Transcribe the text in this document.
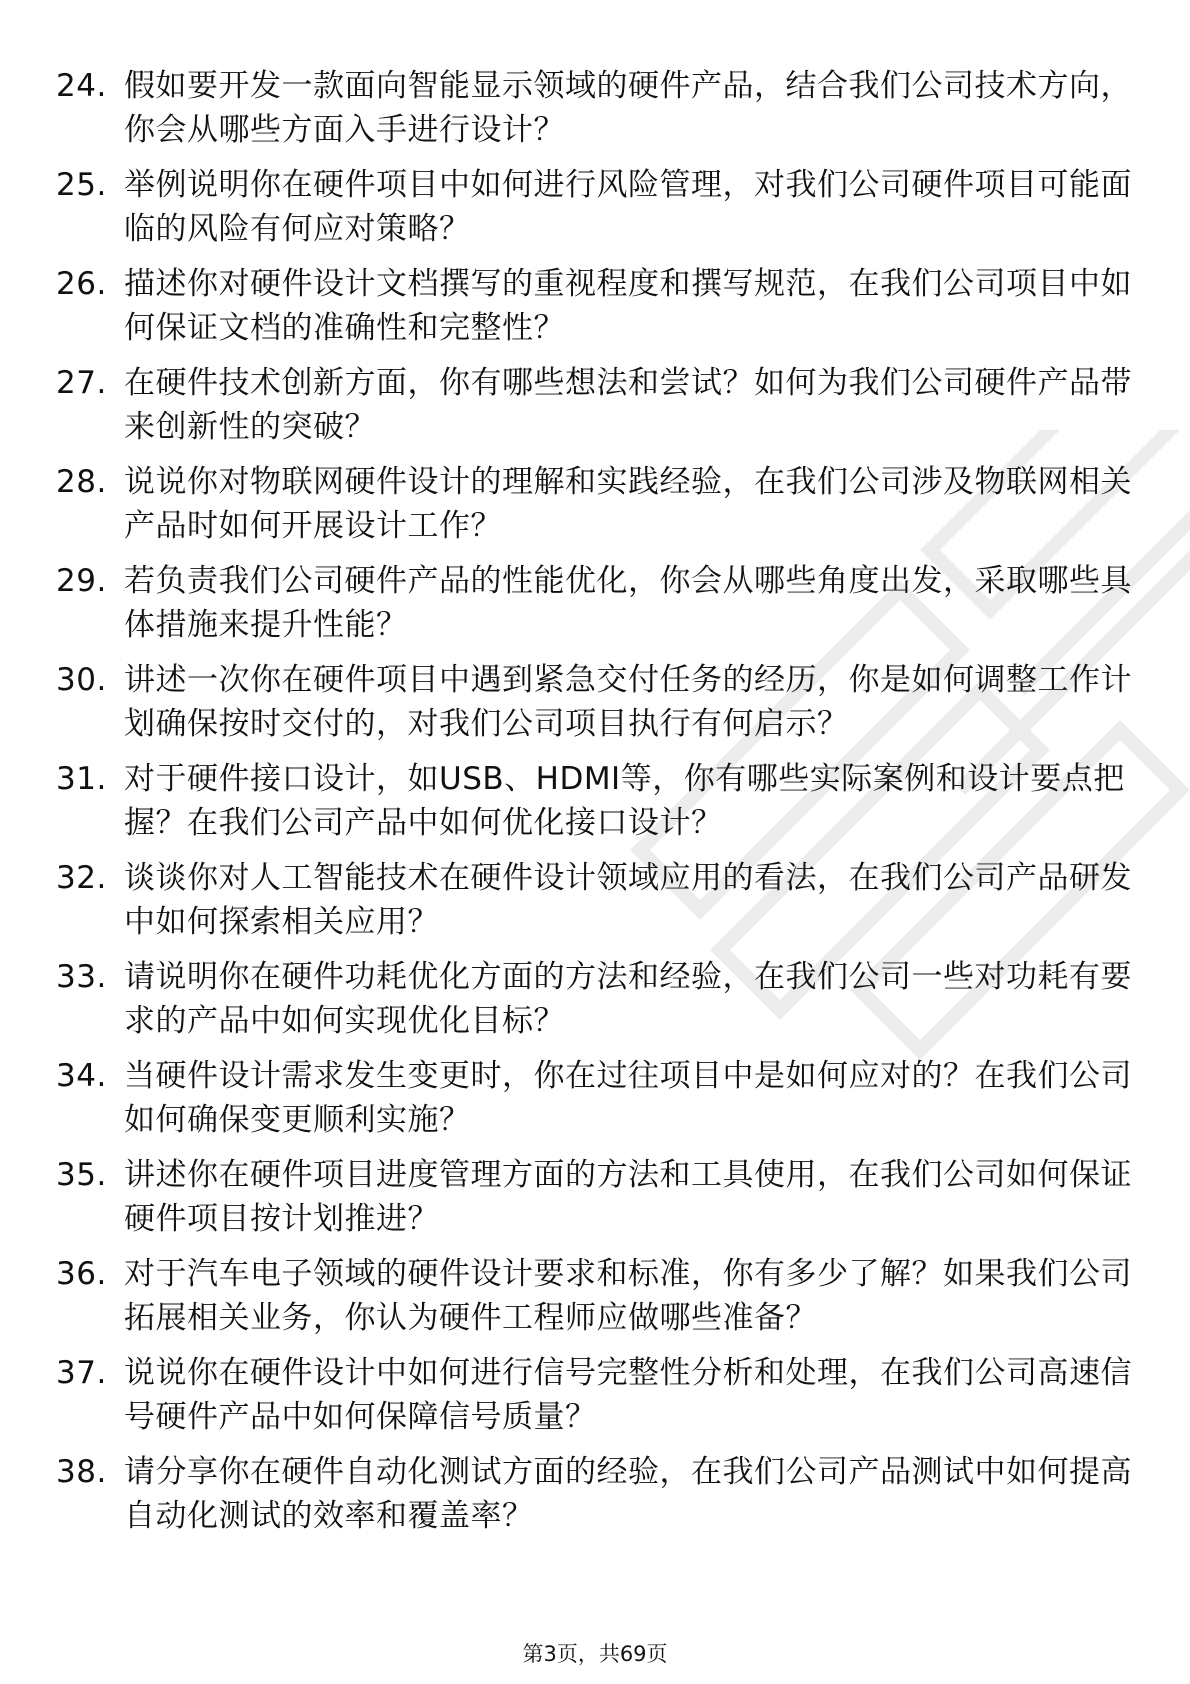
24. 假如要开发一款面向智能显示领域的硬件产品，结合我们公司技术方向，你会从哪些方面入手进行设计？
25. 举例说明你在硬件项目中如何进行风险管理，对我们公司硬件项目可能面临的风险有何应对策略？
26. 描述你对硬件设计文档撰写的重视程度和撰写规范，在我们公司项目中如何保证文档的准确性和完整性？
27. 在硬件技术创新方面，你有哪些想法和尝试？如何为我们公司硬件产品带来创新性的突破？
28. 说说你对物联网硬件设计的理解和实践经验，在我们公司涉及物联网相关产品时如何开展设计工作？
29. 若负责我们公司硬件产品的性能优化，你会从哪些角度出发，采取哪些具体措施来提升性能？
30. 讲述一次你在硬件项目中遇到紧急交付任务的经历，你是如何调整工作计划确保按时交付的，对我们公司项目执行有何启示？
31. 对于硬件接口设计，如USB、HDMI等，你有哪些实际案例和设计要点把握？在我们公司产品中如何优化接口设计？
32. 谈谈你对人工智能技术在硬件设计领域应用的看法，在我们公司产品研发中如何探索相关应用？
33. 请说明你在硬件功耗优化方面的方法和经验，在我们公司一些对功耗有要求的产品中如何实现优化目标？
34. 当硬件设计需求发生变更时，你在过往项目中是如何应对的？在我们公司如何确保变更顺利实施？
35. 讲述你在硬件项目进度管理方面的方法和工具使用，在我们公司如何保证硬件项目按计划推进？
36. 对于汽车电子领域的硬件设计要求和标准，你有多少了解？如果我们公司拓展相关业务，你认为硬件工程师应做哪些准备？
37. 说说你在硬件设计中如何进行信号完整性分析和处理，在我们公司高速信号硬件产品中如何保障信号质量？
38. 请分享你在硬件自动化测试方面的经验，在我们公司产品测试中如何提高自动化测试的效率和覆盖率？
第3页，共69页
